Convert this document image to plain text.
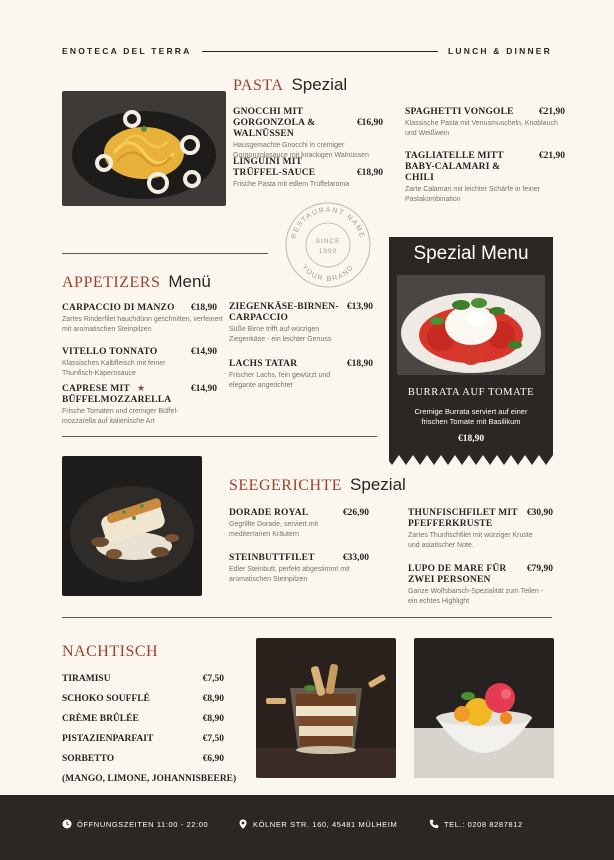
ENOTECA DEL TERRA	LUNCH & DINNER
PASTA Spezial
GNOCCHI MIT GORGONZOLA & WALNÜSSEN
€16,90
Hausgemachte Gnocchi in cremiger Gorgonzolasauce mit knackigen Walnüssen
LINGUINI MIT TRÜFFEL-SAUCE	€18,90
Frische Pasta mit edlem Trüffelaroma
SPAGHETTI VONGOLE	€21,90
Klassische Pasta mit Venusmuscheln, Knoblauch und Weißwein
TAGLIATELLE MITT BABY-CALAMARI & CHILI
€21,90
Zarte Calamari mit leichter Schärfe in feiner Pastakombination
RESTAURANT NAME
YOUR BRAND
SINCE
1990
APPETIZERS Menü
CARPACCIO DI MANZO	€18,90
Zartes Rinderfilet hauchdünn geschnitten, verfeinert mit aromatischen Steinpilzen
VITELLO TONNATO	€14,90
Klassisches Kalbfleisch mit feiner Thunfisch-Kapernsauce
CAPRESE MIT BÜFFELMOZZARELLA
€14,90
Frische Tomaten und cremiger Büffel-mozzarella auf italienische Art
★
ZIEGENKÄSE-BIRNEN-CARPACCIO
€13,90
Süße Birne trifft auf würzigen Ziegenkäse - ein leichter Genuss
LACHS TATAR	€18,90
Frischer Lachs, fein gewürzt und elegante angerichtet
Spezial Menu
BURRATA AUF TOMATE
Cremige Burrata serviert auf einer frischen Tomate mit Basilikum
€18,90
SEEGERICHTE Spezial
DORADE ROYAL	€26,90
Gegrillte Dorade, serviert mit mediterranen Kräutern
STEINBUTTFILET	€33,00
Edler Steinbutt, perfekt abgestimmt mit aromatischen Steinpilzen
THUNFISCHFILET MIT PFEFFERKRUSTE
€30,90
Zartes Thunfischfilet mit würziger Kruste und asiatischer Note.
LUPO DE MARE FÜR ZWEI PERSONEN
€79,90
Ganze Wolfsbarsch-Spezialität zum Teilen - ein echtes Highlight
NACHTISCH
TIRAMISU	€7,50
SCHOKO SOUFFLÉ	€8,90
CRÈME BRÛLÉE	€8,90
PISTAZIENPARFAIT	€7,50
SORBETTO	€6,90
(MANGO, LIMONE, JOHANNISBEERE)
ÖFFNUNGSZEITEN 11:00 - 22:00	KÖLNER STR. 160, 45481 MÜLHEIM	TEL.: 0208 8287812
